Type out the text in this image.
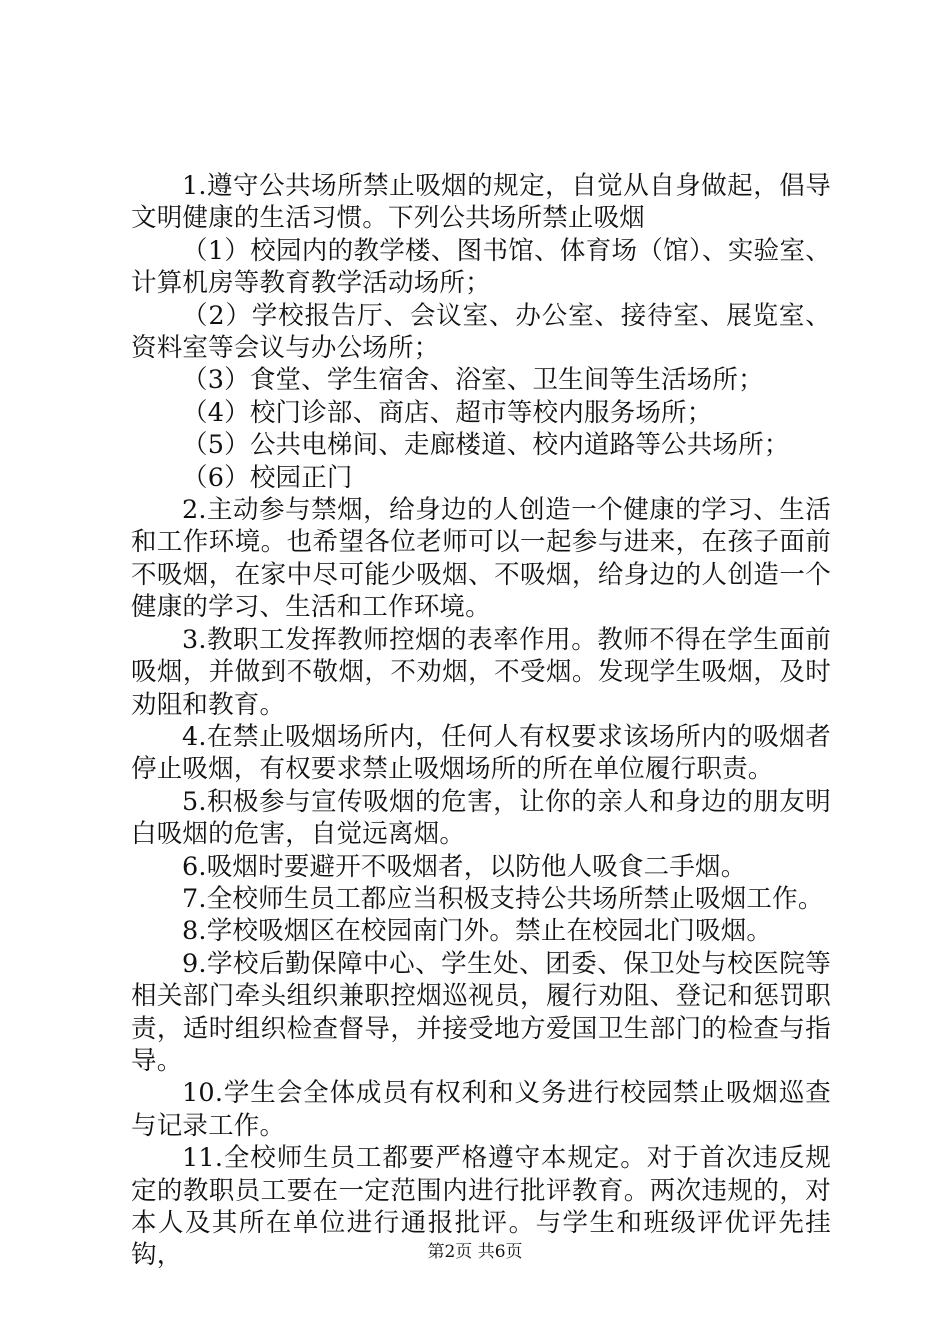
1.遵守公共场所禁止吸烟的规定，自觉从自身做起，倡导文明健康的生活习惯。下列公共场所禁止吸烟

（1）校园内的教学楼、图书馆、体育场（馆）、实验室、计算机房等教育教学活动场所；

（2）学校报告厅、会议室、办公室、接待室、展览室、资料室等会议与办公场所；

（3）食堂、学生宿舍、浴室、卫生间等生活场所；

（4）校门诊部、商店、超市等校内服务场所；

（5）公共电梯间、走廊楼道、校内道路等公共场所；

（6）校园正门

2.主动参与禁烟，给身边的人创造一个健康的学习、生活和工作环境。也希望各位老师可以一起参与进来，在孩子面前不吸烟，在家中尽可能少吸烟、不吸烟，给身边的人创造一个健康的学习、生活和工作环境。

3.教职工发挥教师控烟的表率作用。教师不得在学生面前吸烟，并做到不敬烟，不劝烟，不受烟。发现学生吸烟，及时劝阻和教育。

4.在禁止吸烟场所内，任何人有权要求该场所内的吸烟者停止吸烟，有权要求禁止吸烟场所的所在单位履行职责。

5.积极参与宣传吸烟的危害，让你的亲人和身边的朋友明白吸烟的危害，自觉远离烟。

6.吸烟时要避开不吸烟者，以防他人吸食二手烟。

7.全校师生员工都应当积极支持公共场所禁止吸烟工作。

8.学校吸烟区在校园南门外。禁止在校园北门吸烟。

9.学校后勤保障中心、学生处、团委、保卫处与校医院等相关部门牵头组织兼职控烟巡视员，履行劝阻、登记和惩罚职责，适时组织检查督导，并接受地方爱国卫生部门的检查与指导。

10.学生会全体成员有权利和义务进行校园禁止吸烟巡查与记录工作。

11.全校师生员工都要严格遵守本规定。对于首次违反规定的教职员工要在一定范围内进行批评教育。两次违规的，对本人及其所在单位进行通报批评。与学生和班级评优评先挂钩，	第2页 共6页
